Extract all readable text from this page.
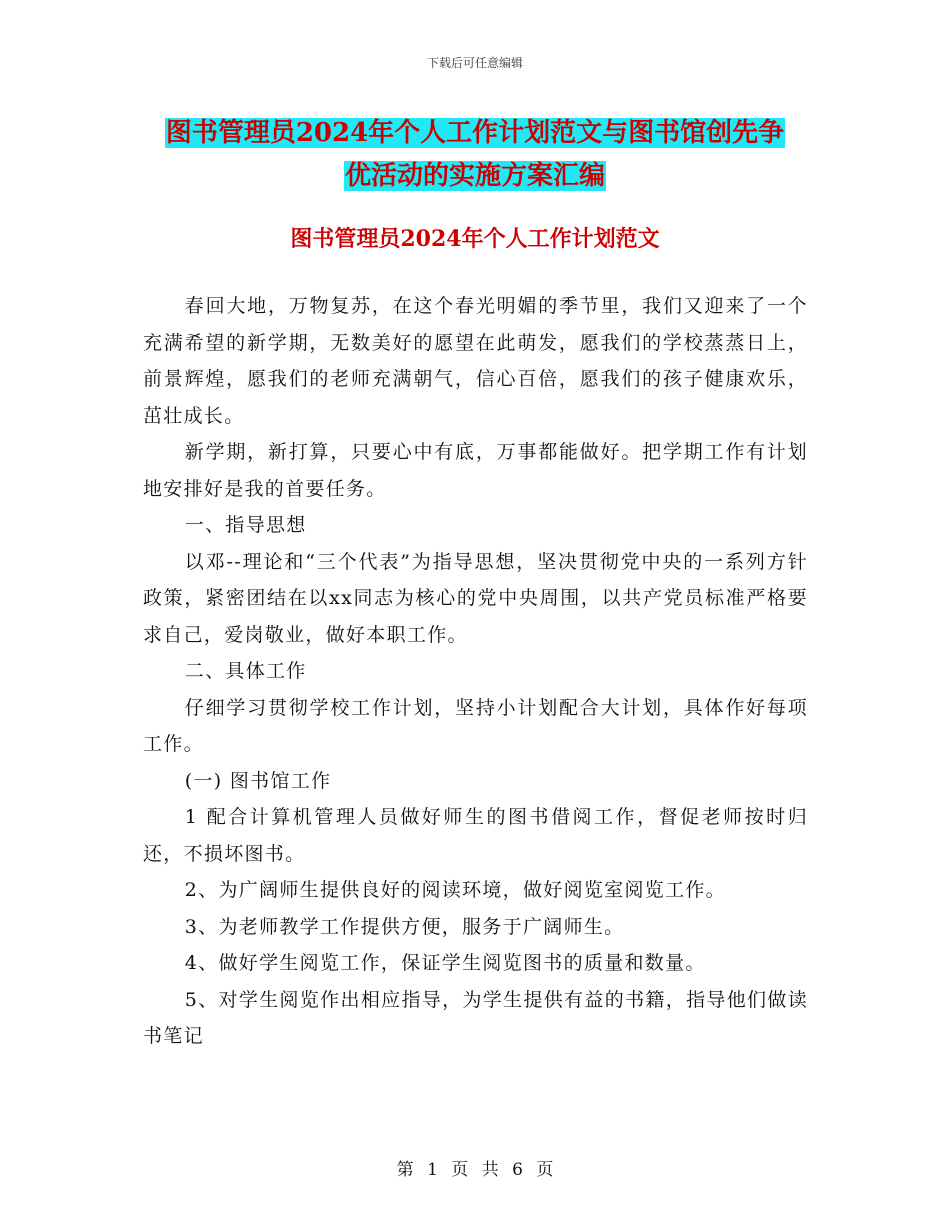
下载后可任意编辑
图书管理员2024年个人工作计划范文与图书馆创先争
优活动的实施方案汇编
图书管理员2024年个人工作计划范文

春回大地，万物复苏，在这个春光明媚的季节里，我们又迎来了一个充满希望的新学期，无数美好的愿望在此萌发，愿我们的学校蒸蒸日上，前景辉煌，愿我们的老师充满朝气，信心百倍，愿我们的孩子健康欢乐，茁壮成长。

新学期，新打算，只要心中有底，万事都能做好。把学期工作有计划地安排好是我的首要任务。

一、指导思想

以邓--理论和“三个代表”为指导思想，坚决贯彻党中央的一系列方针政策，紧密团结在以xx同志为核心的党中央周围，以共产党员标准严格要求自己，爱岗敬业，做好本职工作。

二、具体工作

仔细学习贯彻学校工作计划，坚持小计划配合大计划，具体作好每项工作。

(一) 图书馆工作

1 配合计算机管理人员做好师生的图书借阅工作，督促老师按时归还，不损坏图书。

2、为广阔师生提供良好的阅读环境，做好阅览室阅览工作。

3、为老师教学工作提供方便，服务于广阔师生。

4、做好学生阅览工作，保证学生阅览图书的质量和数量。

5、对学生阅览作出相应指导，为学生提供有益的书籍，指导他们做读书笔记

第 1 页 共 6 页
